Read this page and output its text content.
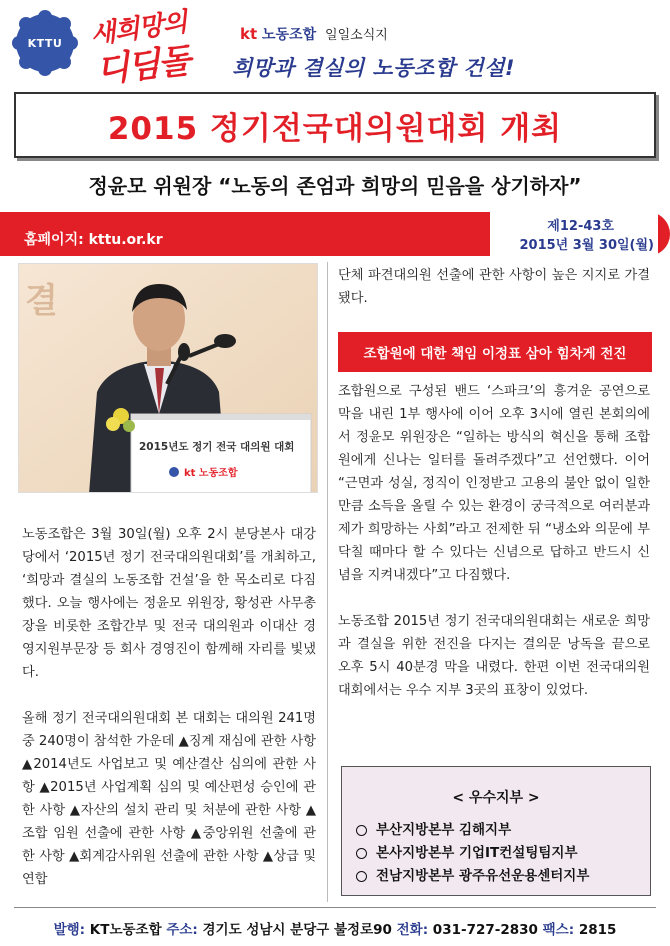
KTTU 새희망의
디딤돌
kt 노동조합 일일소식지
희망과 결실의 노동조합 건설!
2015 정기전국대의원대회 개최
정윤모 위원장 “노동의 존엄과 희망의 믿음을 상기하자”
홈페이지: kttu.or.kr
제12-43호
2015년 3월 30일(월)
결
2015년도 정기 전국 대의원 대회
kt 노동조합

노동조합은 3월 30일(월) 오후 2시 분당본사 대강당에서 ‘2015년 정기 전국대의원대회’를 개최하고, ‘희망과 결실의 노동조합 건설’을 한 목소리로 다짐했다. 오늘 행사에는 정윤모 위원장, 황성관 사무총장을 비롯한 조합간부 및 전국 대의원과 이대산 경영지원부문장 등 회사 경영진이 함께해 자리를 빛냈다.

올해 정기 전국대의원대회 본 대회는 대의원 241명 중 240명이 참석한 가운데 ▲징계 재심에 관한 사항 ▲2014년도 사업보고 및 예산결산 심의에 관한 사항 ▲2015년 사업계획 심의 및 예산편성 승인에 관한 사항 ▲자산의 설치 관리 및 처분에 관한 사항 ▲조합 임원 선출에 관한 사항 ▲중앙위원 선출에 관한 사항 ▲회계감사위원 선출에 관한 사항 ▲상급 및 연합

단체 파견대의원 선출에 관한 사항이 높은 지지로 가결됐다.

조합원에 대한 책임 이정표 삼아 힘차게 전진

조합원으로 구성된 밴드 ‘스파크’의 흥겨운 공연으로 막을 내린 1부 행사에 이어 오후 3시에 열린 본회의에서 정윤모 위원장은 “일하는 방식의 혁신을 통해 조합원에게 신나는 일터를 돌려주겠다”고 선언했다. 이어 “근면과 성실, 정직이 인정받고 고용의 불안 없이 일한 만큼 소득을 올릴 수 있는 환경이 궁극적으로 여러분과 제가 희망하는 사회”라고 전제한 뒤 “냉소와 의문에 부닥칠 때마다 할 수 있다는 신념으로 답하고 반드시 신념을 지켜내겠다”고 다짐했다.

노동조합 2015년 정기 전국대의원대회는 새로운 희망과 결실을 위한 전진을 다지는 결의문 낭독을 끝으로 오후 5시 40분경 막을 내렸다. 한편 이번 전국대의원대회에서는 우수 지부 3곳의 표창이 있었다.

< 우수지부 >
부산지방본부 김해지부
본사지방본부 기업IT컨설팅팀지부
전남지방본부 광주유선운용센터지부
발행: KT노동조합 주소: 경기도 성남시 분당구 불정로90 전화: 031-727-2830 팩스: 2815
